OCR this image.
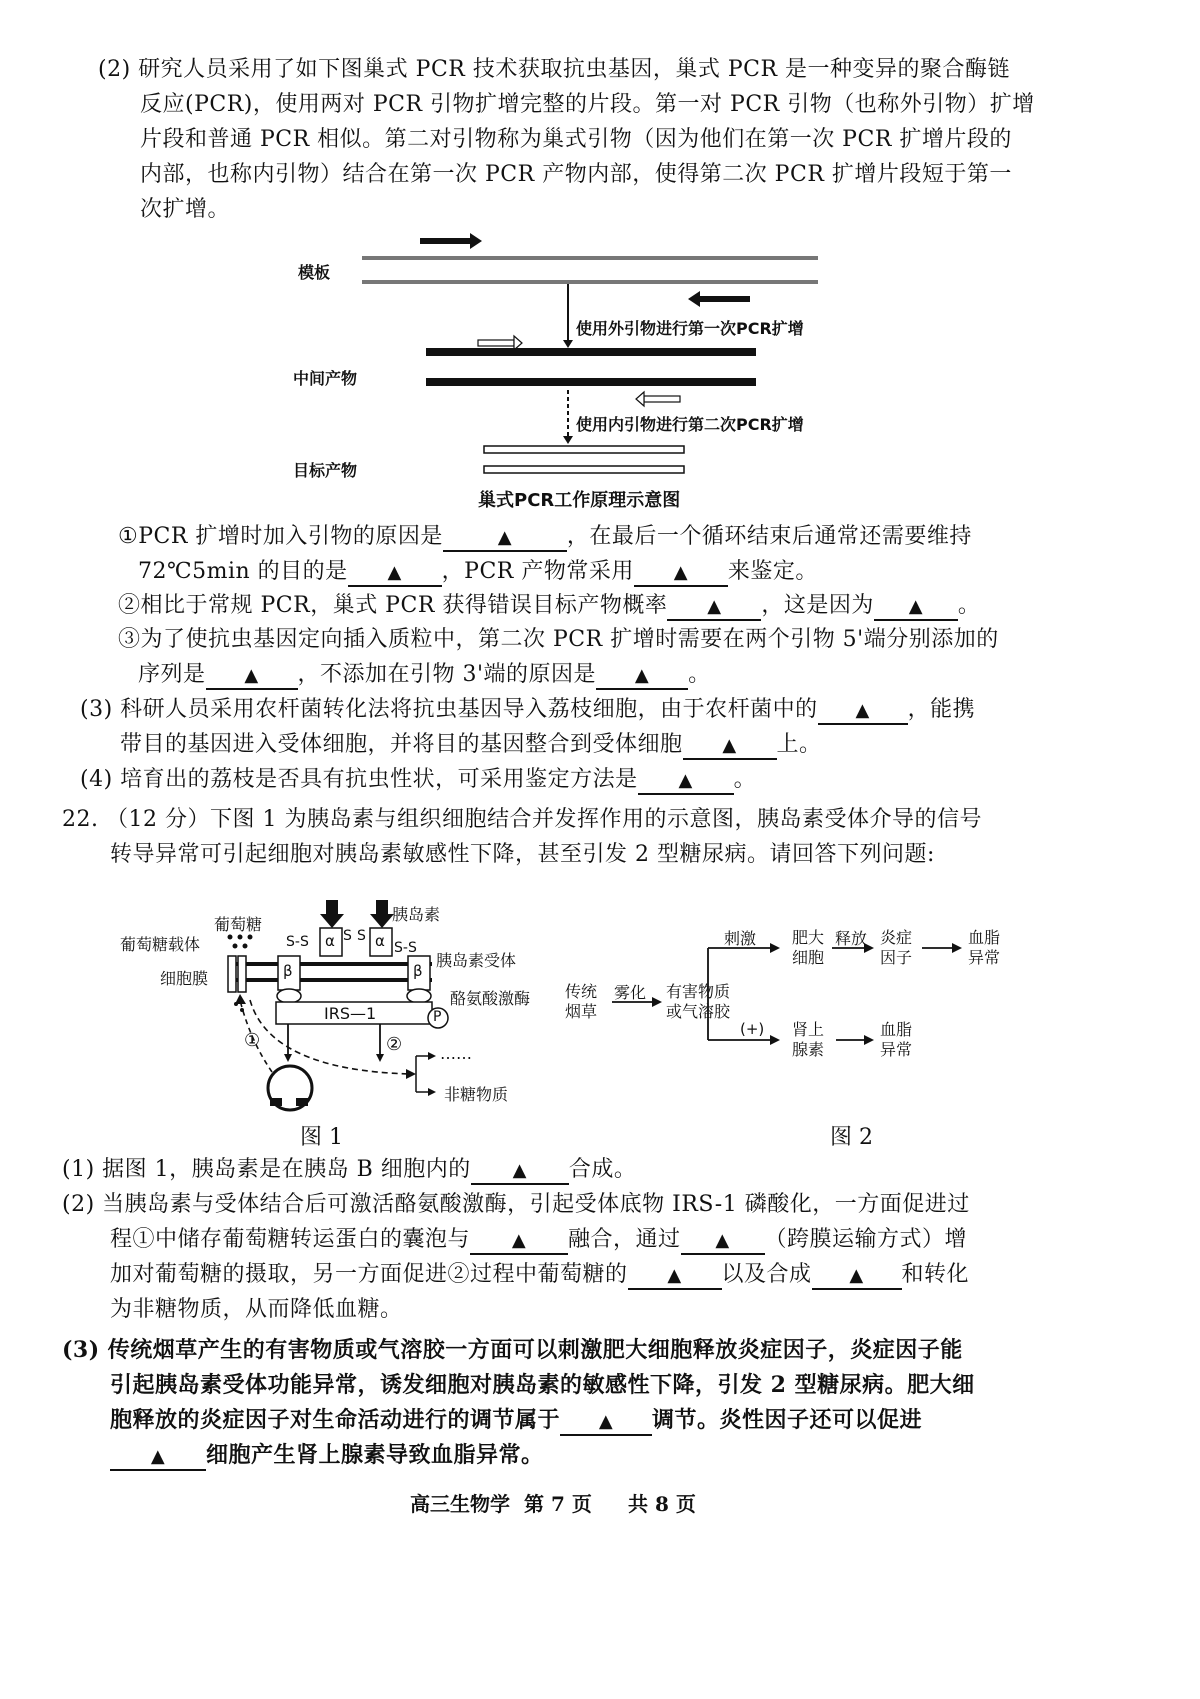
(2) 研究人员采用了如下图巢式 PCR 技术获取抗虫基因，巢式 PCR 是一种变异的聚合酶链
反应(PCR)，使用两对 PCR 引物扩增完整的片段。第一对 PCR 引物（也称外引物）扩增
片段和普通 PCR 相似。第二对引物称为巢式引物（因为他们在第一次 PCR 扩增片段的
内部，也称内引物）结合在第一次 PCR 产物内部，使得第二次 PCR 扩增片段短于第一
次扩增。
模板
中间产物
目标产物
使用外引物进行第一次PCR扩增
使用内引物进行第二次PCR扩增
巢式PCR工作原理示意图
①PCR 扩增时加入引物的原因是	▲ ，在最后一个循环结束后通常还需要维持
72℃5min 的目的是 ▲ ，PCR 产物常采用 ▲ 来鉴定。
②相比于常规 PCR，巢式 PCR 获得错误目标产物概率 ▲ ，这是因为 ▲ 。
③为了使抗虫基因定向插入质粒中，第二次 PCR 扩增时需要在两个引物 5'端分别添加的
序列是 ▲ ，不添加在引物 3'端的原因是 ▲ 。
(3) 科研人员采用农杆菌转化法将抗虫基因导入荔枝细胞，由于农杆菌中的 ▲ ，能携
带目的基因进入受体细胞，并将目的基因整合到受体细胞 ▲ 上。
(4) 培育出的荔枝是否具有抗虫性状，可采用鉴定方法是 ▲ 。
22. （12 分）下图 1 为胰岛素与组织细胞结合并发挥作用的示意图，胰岛素受体介导的信号
转导异常可引起细胞对胰岛素敏感性下降，甚至引发 2 型糖尿病。请回答下列问题:
葡萄糖
胰岛素
葡萄糖载体
细胞膜
胰岛素受体
酪氨酸激酶
IRS—1	P
α	α
β	β
S-S S S
S-S
①	② ……
非糖物质
图 1
传统烟草
雾化 有害物质或气溶胶
刺激 肥大细胞
释放 炎症因子
血脂异常
(+) 肾上腺素
血脂异常
图 2
(1) 据图 1，胰岛素是在胰岛 B 细胞内的 ▲ 合成。
(2) 当胰岛素与受体结合后可激活酪氨酸激酶，引起受体底物 IRS-1 磷酸化，一方面促进过
程①中储存葡萄糖转运蛋白的囊泡与 ▲ 融合，通过 ▲ （跨膜运输方式）增
加对葡萄糖的摄取，另一方面促进②过程中葡萄糖的 ▲ 以及合成 ▲ 和转化
为非糖物质，从而降低血糖。
(3) 传统烟草产生的有害物质或气溶胶一方面可以刺激肥大细胞释放炎症因子，炎症因子能
引起胰岛素受体功能异常，诱发细胞对胰岛素的敏感性下降，引发 2 型糖尿病。肥大细
胞释放的炎症因子对生命活动进行的调节属于 ▲ 调节。炎性因子还可以促进
▲ 细胞产生肾上腺素导致血脂异常。
高三生物学 第 7 页 共 8 页
